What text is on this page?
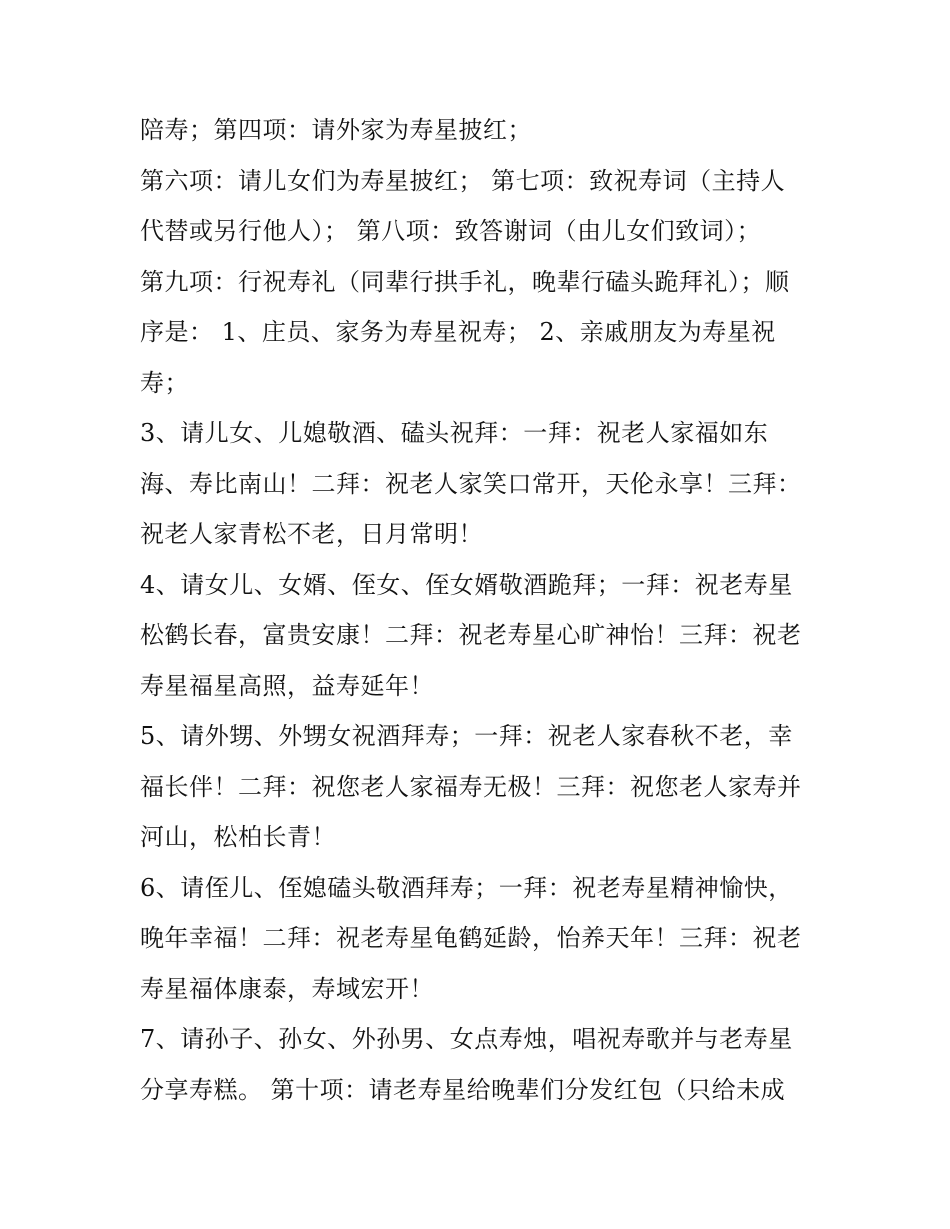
陪寿；第四项：请外家为寿星披红；
第六项：请儿女们为寿星披红； 第七项：致祝寿词（主持人
代替或另行他人）； 第八项：致答谢词（由儿女们致词）；
第九项：行祝寿礼（同辈行拱手礼，晚辈行磕头跪拜礼）；顺
序是： 1、庄员、家务为寿星祝寿； 2、亲戚朋友为寿星祝
寿；
3、请儿女、儿媳敬酒、磕头祝拜：一拜：祝老人家福如东
海、寿比南山！二拜：祝老人家笑口常开，天伦永享！三拜：
祝老人家青松不老，日月常明！
4、请女儿、女婿、侄女、侄女婿敬酒跪拜；一拜：祝老寿星
松鹤长春，富贵安康！二拜：祝老寿星心旷神怡！三拜：祝老
寿星福星高照，益寿延年！
5、请外甥、外甥女祝酒拜寿；一拜：祝老人家春秋不老，幸
福长伴！二拜：祝您老人家福寿无极！三拜：祝您老人家寿并
河山，松柏长青！
6、请侄儿、侄媳磕头敬酒拜寿；一拜：祝老寿星精神愉快，
晚年幸福！二拜：祝老寿星龟鹤延龄，怡养天年！三拜：祝老
寿星福体康泰，寿域宏开！
7、请孙子、孙女、外孙男、女点寿烛，唱祝寿歌并与老寿星
分享寿糕。 第十项：请老寿星给晚辈们分发红包（只给未成
